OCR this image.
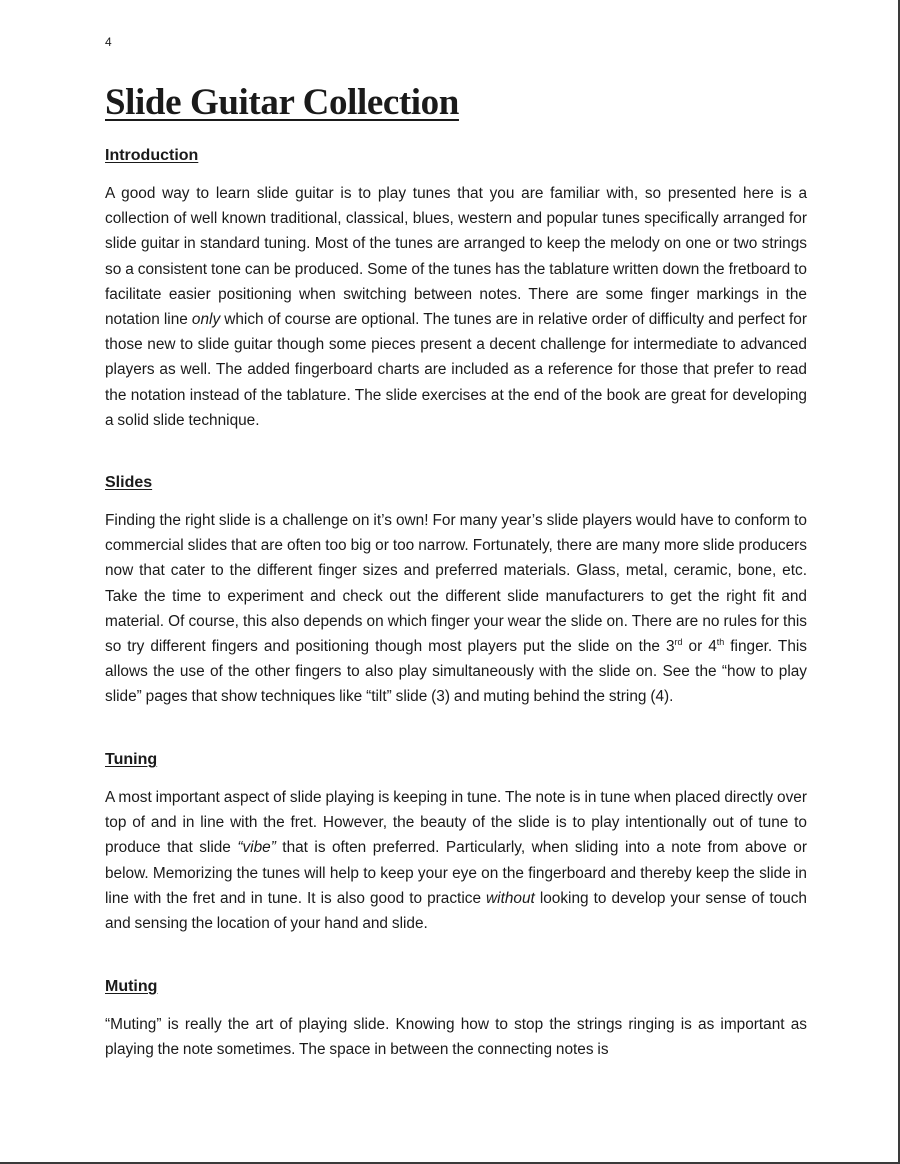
4
Slide Guitar Collection
Introduction

A good way to learn slide guitar is to play tunes that you are familiar with, so presented here is a collection of well known traditional, classical, blues, western and popular tunes specifically arranged for slide guitar in standard tuning. Most of the tunes are arranged to keep the melody on one or two strings so a consistent tone can be produced. Some of the tunes has the tablature written down the fretboard to facilitate easier positioning when switching between notes. There are some finger markings in the notation line only which of course are optional. The tunes are in relative order of difficulty and perfect for those new to slide guitar though some pieces present a decent challenge for intermediate to advanced players as well. The added fingerboard charts are included as a reference for those that prefer to read the notation instead of the tablature. The slide exercises at the end of the book are great for developing a solid slide technique.

Slides

Finding the right slide is a challenge on it’s own! For many year’s slide players would have to conform to commercial slides that are often too big or too narrow. Fortunately, there are many more slide producers now that cater to the different finger sizes and preferred materials. Glass, metal, ceramic, bone, etc. Take the time to experiment and check out the different slide manufacturers to get the right fit and material. Of course, this also depends on which finger your wear the slide on. There are no rules for this so try different fingers and positioning though most players put the slide on the 3rd or 4th finger. This allows the use of the other fingers to also play simultaneously with the slide on. See the “how to play slide” pages that show techniques like “tilt” slide (3) and muting behind the string (4).

Tuning

A most important aspect of slide playing is keeping in tune. The note is in tune when placed directly over top of and in line with the fret. However, the beauty of the slide is to play intentionally out of tune to produce that slide “vibe” that is often preferred. Particularly, when sliding into a note from above or below. Memorizing the tunes will help to keep your eye on the fingerboard and thereby keep the slide in line with the fret and in tune. It is also good to practice without looking to develop your sense of touch and sensing the location of your hand and slide.

Muting

“Muting” is really the art of playing slide. Knowing how to stop the strings ringing is as important as playing the note sometimes. The space in between the connecting notes is
